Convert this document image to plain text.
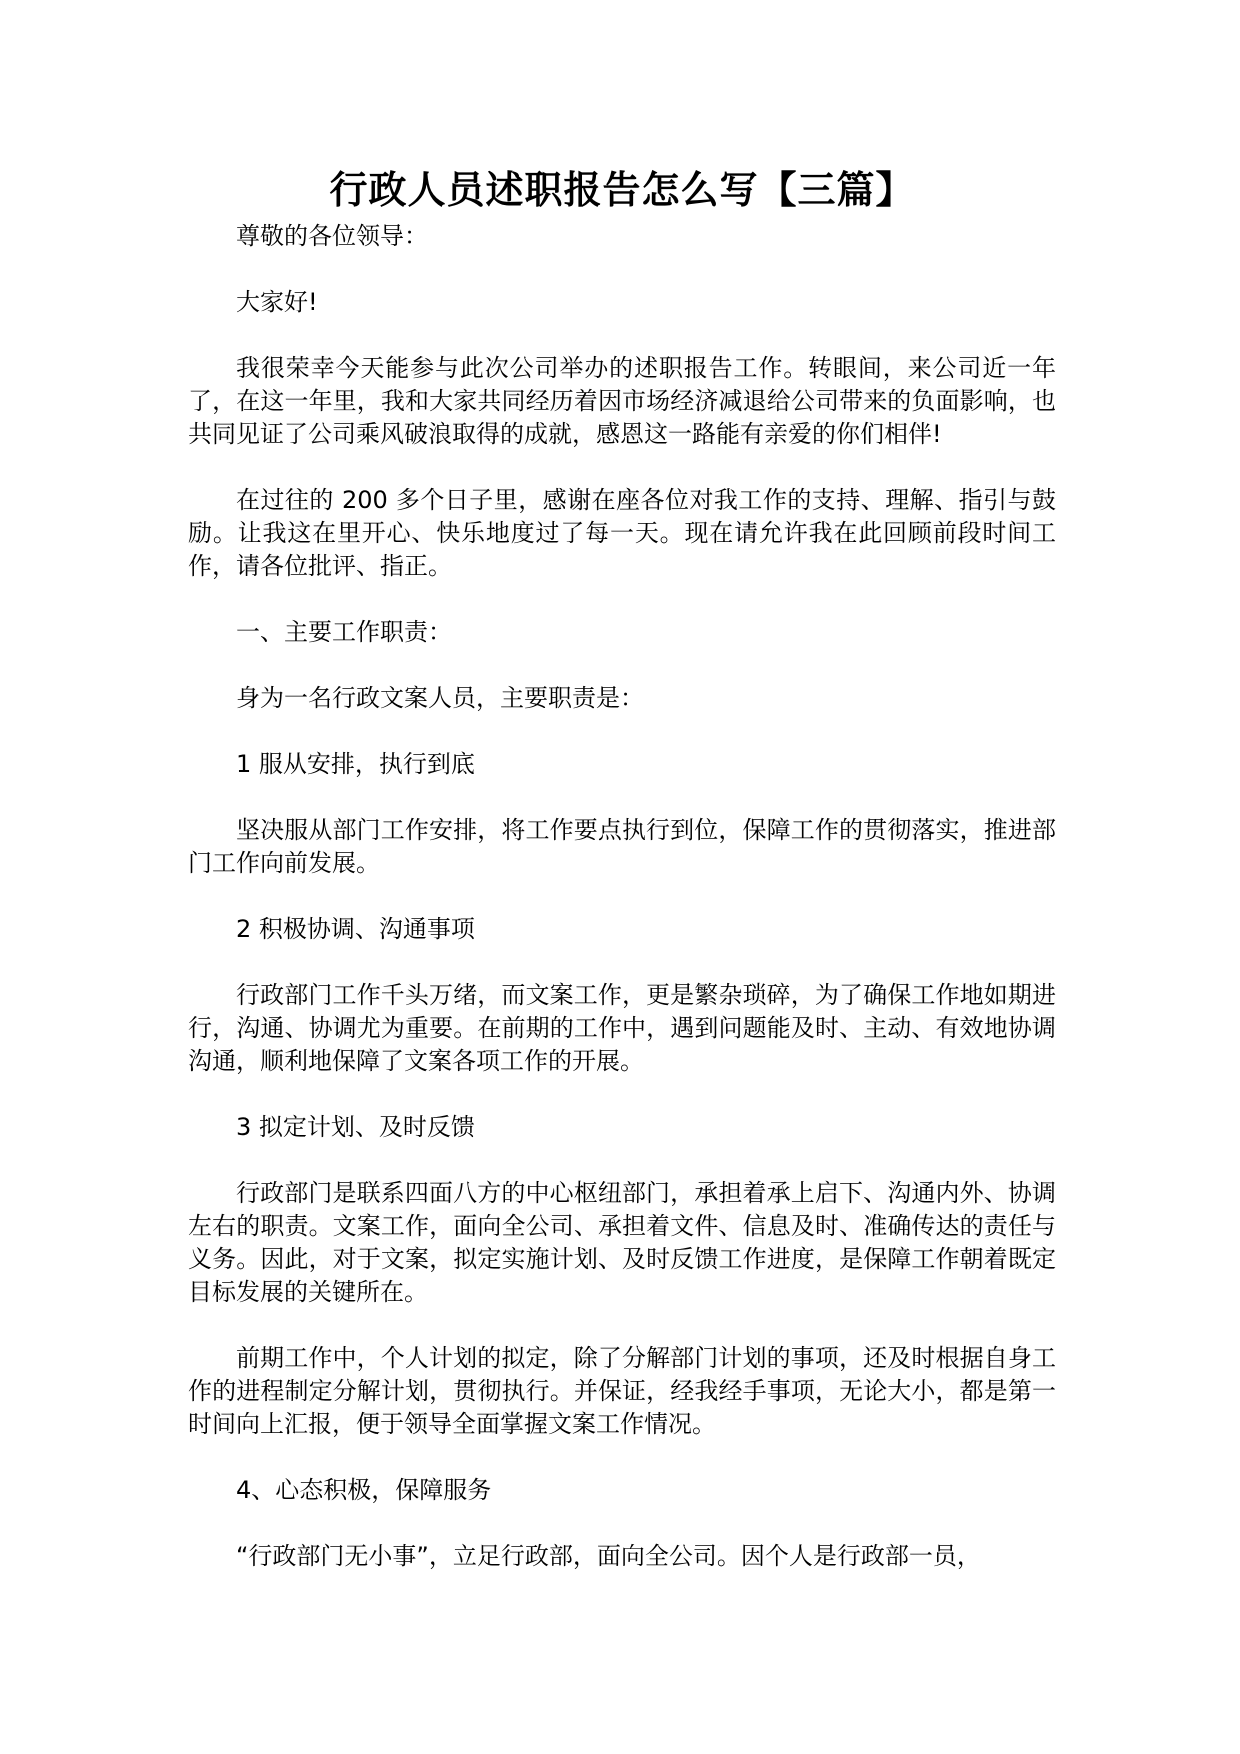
行政人员述职报告怎么写【三篇】

尊敬的各位领导：

大家好!

我很荣幸今天能参与此次公司举办的述职报告工作。转眼间，来公司近一年了，在这一年里，我和大家共同经历着因市场经济减退给公司带来的负面影响，也共同见证了公司乘风破浪取得的成就，感恩这一路能有亲爱的你们相伴!

在过往的 200 多个日子里，感谢在座各位对我工作的支持、理解、指引与鼓励。让我这在里开心、快乐地度过了每一天。现在请允许我在此回顾前段时间工作，请各位批评、指正。

一、主要工作职责：

身为一名行政文案人员，主要职责是：

1 服从安排，执行到底

坚决服从部门工作安排，将工作要点执行到位，保障工作的贯彻落实，推进部门工作向前发展。

2 积极协调、沟通事项

行政部门工作千头万绪，而文案工作，更是繁杂琐碎，为了确保工作地如期进行，沟通、协调尤为重要。在前期的工作中，遇到问题能及时、主动、有效地协调沟通，顺利地保障了文案各项工作的开展。

3 拟定计划、及时反馈

行政部门是联系四面八方的中心枢纽部门，承担着承上启下、沟通内外、协调左右的职责。文案工作，面向全公司、承担着文件、信息及时、准确传达的责任与义务。因此，对于文案，拟定实施计划、及时反馈工作进度，是保障工作朝着既定目标发展的关键所在。

前期工作中，个人计划的拟定，除了分解部门计划的事项，还及时根据自身工作的进程制定分解计划，贯彻执行。并保证，经我经手事项，无论大小，都是第一时间向上汇报，便于领导全面掌握文案工作情况。

4、心态积极，保障服务

“行政部门无小事”，立足行政部，面向全公司。因个人是行政部一员，
